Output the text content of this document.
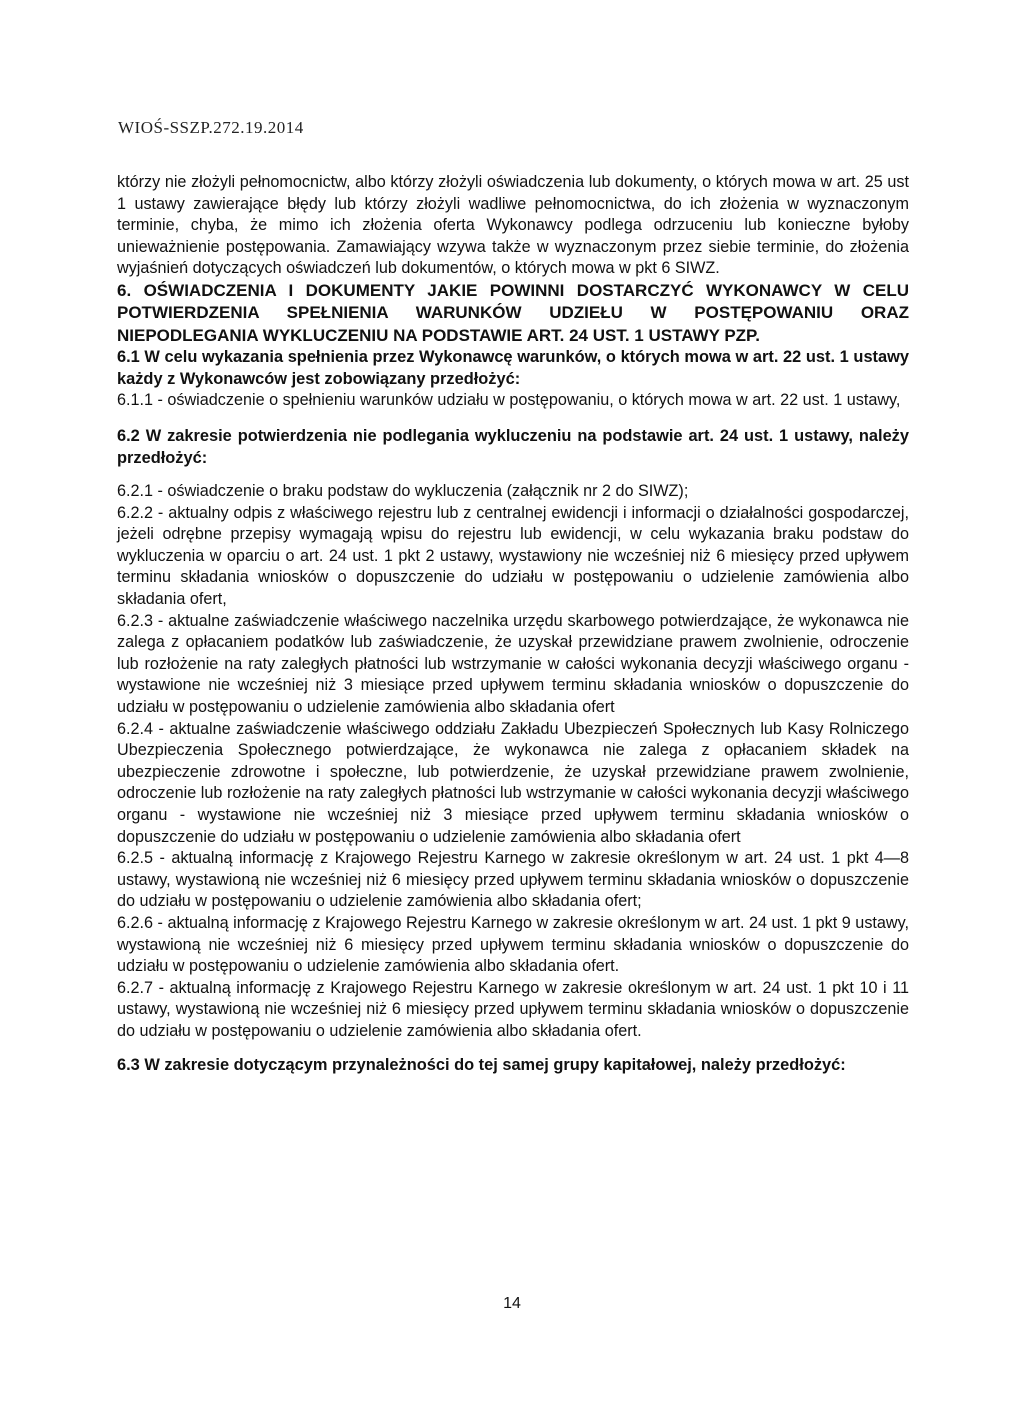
WIOŚ-SSZP.272.19.2014

którzy nie złożyli pełnomocnictw, albo którzy złożyli oświadczenia lub dokumenty, o których mowa w art. 25 ust 1 ustawy zawierające błędy lub którzy złożyli wadliwe pełnomocnictwa, do ich złożenia w wyznaczonym terminie, chyba, że mimo ich złożenia oferta Wykonawcy podlega odrzuceniu lub konieczne byłoby unieważnienie postępowania. Zamawiający wzywa także w wyznaczonym przez siebie terminie, do złożenia wyjaśnień dotyczących oświadczeń lub dokumentów, o których mowa w pkt 6 SIWZ.

6. OŚWIADCZENIA I DOKUMENTY JAKIE POWINNI DOSTARCZYĆ WYKONAWCY W CELU POTWIERDZENIA SPEŁNIENIA WARUNKÓW UDZIEŁU W POSTĘPOWANIU ORAZ NIEPODLEGANIA WYKLUCZENIU NA PODSTAWIE ART. 24 UST. 1 USTAWY PZP.

6.1 W celu wykazania spełnienia przez Wykonawcę warunków, o których mowa w art. 22 ust. 1 ustawy każdy z Wykonawców jest zobowiązany przedłożyć:

6.1.1 - oświadczenie o spełnieniu warunków udziału w postępowaniu, o których mowa w art. 22 ust. 1 ustawy,

6.2 W zakresie potwierdzenia nie podlegania wykluczeniu na podstawie art. 24 ust. 1 ustawy, należy przedłożyć:

6.2.1 - oświadczenie o braku podstaw do wykluczenia (załącznik nr 2 do SIWZ);

6.2.2 - aktualny odpis z właściwego rejestru lub z centralnej ewidencji i informacji o działalności gospodarczej, jeżeli odrębne przepisy wymagają wpisu do rejestru lub ewidencji, w celu wykazania braku podstaw do wykluczenia w oparciu o art. 24 ust. 1 pkt 2 ustawy, wystawiony nie wcześniej niż 6 miesięcy przed upływem terminu składania wniosków o dopuszczenie do udziału w postępowaniu o udzielenie zamówienia albo składania ofert,

6.2.3 - aktualne zaświadczenie właściwego naczelnika urzędu skarbowego potwierdzające, że wykonawca nie zalega z opłacaniem podatków lub zaświadczenie, że uzyskał przewidziane prawem zwolnienie, odroczenie lub rozłożenie na raty zaległych płatności lub wstrzymanie w całości wykonania decyzji właściwego organu - wystawione nie wcześniej niż 3 miesiące przed upływem terminu składania wniosków o dopuszczenie do udziału w postępowaniu o udzielenie zamówienia albo składania ofert

6.2.4 - aktualne zaświadczenie właściwego oddziału Zakładu Ubezpieczeń Społecznych lub Kasy Rolniczego Ubezpieczenia Społecznego potwierdzające, że wykonawca nie zalega z opłacaniem składek na ubezpieczenie zdrowotne i społeczne, lub potwierdzenie, że uzyskał przewidziane prawem zwolnienie, odroczenie lub rozłożenie na raty zaległych płatności lub wstrzymanie w całości wykonania decyzji właściwego organu - wystawione nie wcześniej niż 3 miesiące przed upływem terminu składania wniosków o dopuszczenie do udziału w postępowaniu o udzielenie zamówienia albo składania ofert

6.2.5 - aktualną informację z Krajowego Rejestru Karnego w zakresie określonym w art. 24 ust. 1 pkt 4—8 ustawy, wystawioną nie wcześniej niż 6 miesięcy przed upływem terminu składania wniosków o dopuszczenie do udziału w postępowaniu o udzielenie zamówienia albo składania ofert;

6.2.6 - aktualną informację z Krajowego Rejestru Karnego w zakresie określonym w art. 24 ust. 1 pkt 9 ustawy, wystawioną nie wcześniej niż 6 miesięcy przed upływem terminu składania wniosków o dopuszczenie do udziału w postępowaniu o udzielenie zamówienia albo składania ofert.

6.2.7 - aktualną informację z Krajowego Rejestru Karnego w zakresie określonym w art. 24 ust. 1 pkt 10 i 11 ustawy, wystawioną nie wcześniej niż 6 miesięcy przed upływem terminu składania wniosków o dopuszczenie do udziału w postępowaniu o udzielenie zamówienia albo składania ofert.

6.3 W zakresie dotyczącym przynależności do tej samej grupy kapitałowej, należy przedłożyć:

14
